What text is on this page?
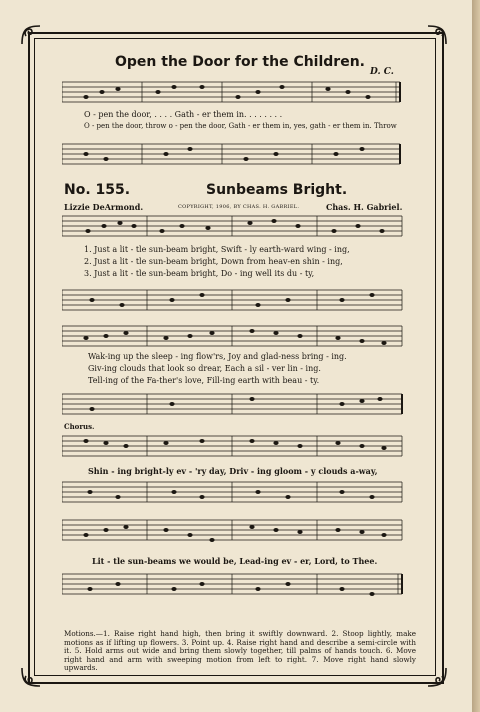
Open the Door for the Children.
D. C.
O - pen the door, . . . . Gath - er them in. . . . . . . .
O - pen the door, throw o - pen the door, Gath - er them in, yes, gath - er them in. Throw
No. 155.	Sunbeams Bright.
Lizzie DeArmond.	COPYRIGHT, 1906, BY CHAS. H. GABRIEL.	Chas. H. Gabriel.
1. Just a lit - tle sun-beam bright, Swift - ly earth-ward wing - ing,
2. Just a lit - tle sun-beam bright, Down from heav-en shin - ing,
3. Just a lit - tle sun-beam bright, Do - ing well its du - ty,
Wak-ing up the sleep - ing flow'rs, Joy and glad-ness bring - ing.
Giv-ing clouds that look so drear, Each a sil - ver lin - ing.
Tell-ing of the Fa-ther's love, Fill-ing earth with beau - ty.
Chorus.
Shin - ing bright-ly ev - 'ry day, Driv - ing gloom - y clouds a-way,
Lit - tle sun-beams we would be, Lead-ing ev - er, Lord, to Thee.
Motions.—1. Raise right hand high, then bring it swiftly downward. 2. Stoop lightly, make motions as if lifting up flowers. 3. Point up. 4. Raise right hand and describe a semi-circle with it. 5. Hold arms out wide and bring them slowly together, till palms of hands touch. 6. Move right hand and arm with sweeping motion from left to right. 7. Move right hand slowly upwards.
